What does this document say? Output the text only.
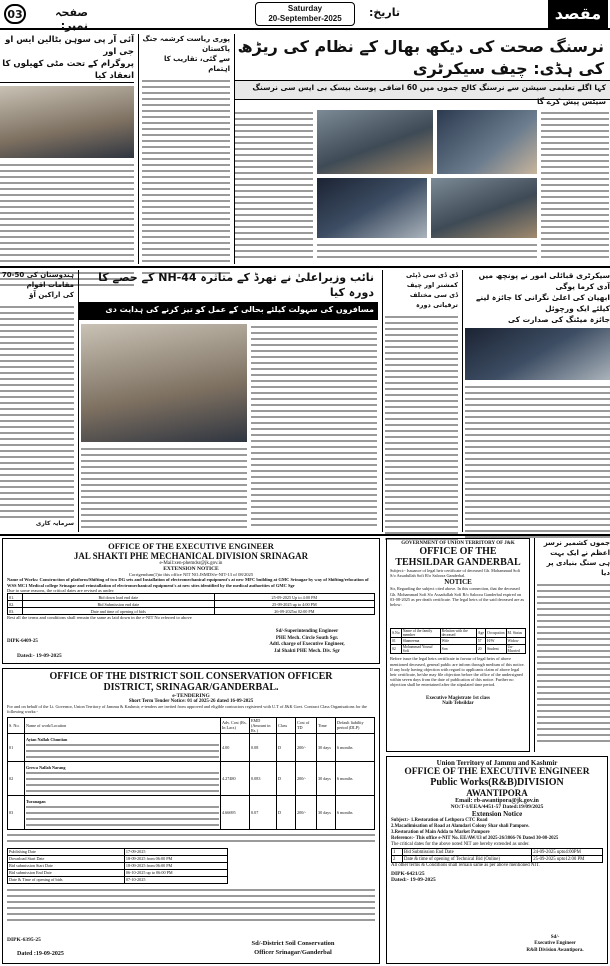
03	صفحہ نمبر:
Saturday
20-September-2025	تاریخ:	مقصد
آئی آر پی سوہن بٹالین ایس او جی اور
پروگرام کے تحت مٹی کھیلوں کا انعقاد کیا
پوری ریاست کرشمہ جنگ پاکستان
سے گئی، تقاریب کا اہتمام
نرسنگ صحت کی دیکھ بھال کے نظام کی ریڑھ کی ہڈی: چیف سیکرٹری
کہا اگلے تعلیمی سیشن سے نرسنگ کالج جموں میں 60 اضافی پوسٹ بیسک بی ایس سی نرسنگ سیٹس پیش کرے گا
ہندوستان کی 50-70 مقامات اقوام
کی اراکین آؤ
سرمایہ کاری
نائب وزیراعلیٰ نے تھرڈ کے متاثرہ NH-44 کے حصے کا دورہ کیا
مسافروں کی سہولت کیلئے بحالی کے عمل کو تیز کرنے کی ہدایت دی
ڈی ڈی سی ڈپٹی کمشنر اور چیف
ڈی سی مختلف ترقیاتی دورہ
سیکرٹری قبائلی امور نے پونچھ میں آدی کرما یوگی
ابھیان کی اعلیٰ نگرانی کا جائزہ لینے کیلئے ایک ورچوئل
جائزہ میٹنگ کی صدارت کی
OFFICE OF THE EXECUTIVE ENGINEER
JAL SHAKTI PHE MECHANICAL DIVISION SRINAGAR
e-Mail:xen-phemdsr@jk.gov.in
EXTENSION NOTICE
Corrigendum(1)to this office NIT NO.JSMDS/e-NIT-13 of 08/2025
Name of Works: Construction of platform/Shifting of two DG sets and Installation of electromechanical equipment's at new MFC building at GMC Srinagar by way of Shifting/relocation of WSS MC1 Medical college Srinagar and reinstallation of electromechanical equipment's at new sites identified by the medical authorities of GMC Sgr
Due to some reasons, the critical dates are revised as under:
01.	Bid down load end date	25-09-2025 Up to 4:00 PM
02.	Bid Submission end date	25-09-2025 up to 4:00 PM
03.	Date and time of opening of bids	26-09-2025at 02:00 PM
Rest all the terms and conditions shall remain the same as laid down in the e-NIT No referred to above
DIPK-6409-25
Dated:- 19-09-2025
Sd/-Superintending Engineer
PHE Mech. Circle South Sgr.
Adtl. charge of Executive Engineer,
Jal Shakti PHE Mech. Div. Sgr
OFFICE OF THE DISTRICT SOIL CONSERVATION OFFICER
DISTRICT, SRINAGAR/GANDERBAL.
e-TENDERING
Short Term Tender Notice: 01 of 2025-26 dated 16-09-2025
For and on behalf of the Lt. Governor, Union Territory of Jammu & Kashmir, e-tenders are invited from approved and eligible contractors registered with U.T of J&K Govt. Contract Class Organisations for the following works:-
S. No.	Name of work/Location	Adv. Cost (Rs. In Lacs)	EMD (Amount in Rs.)	Class	Cost of TD	Time	Default liability period (DLP)
01	Ayian Nallah Chuntian	4.00	0.08	D	200/-	30 days	6 months
02	Grewa Nallah Narang	4.27480	0.083	D	200/-	30 days	6 months
03	Turanagan	4.66695	0.07	D	200/-	30 days	6 months
Publishing Date	17-09-2025
Download Start Date	18-09-2025 from 06:00 PM
Bid submission Start Date	18-09-2025 from 06:00 PM
Bid submission End Date	06-10-2025 up to 06:00 PM
Date & Time of opening of bids	07-10-2025
DIPK-6395-25
Dated :19-09-2025
Sd/-District Soil Conservation
Officer Srinagar/Ganderbal
GOVERNMENT OF UNION TERRITORY OF J&K
OFFICE OF THE
TEHSILDAR GANDERBAL
Subject:- Issuance of legal heir certificate of deceased Gh. Mohammad Sofi S/o Assadullah Sofi R/o Saloora Ganderbal.
NOTICE
Sir, Regarding the subject cited above. In this connection, that the deceased Gh. Mohammad Sofi S/o Assadullah Sofi R/o Saloora Ganderbal expired on 03-08-2025 as per death certificate. The legal heirs of the said deceased are as below:
S.No	Name of the family member	Relation with the deceased	Age	Occupation	M. Status
01	Shameema	Wife	57	H/W	Widow
02	Mohammad Yousuf Sofi	Son	20	Student	Un-Married
Before issue the legal heirs certificate in favour of legal heirs of above mentioned deceased, general public are inform through medium of this notice. If any body having objection with regard to applicants claim of above legal heir certificate, he/she may file objection before the office of the undersigned within seven days from the date of publication of this notice. Further no objection shall be entertained after the stipulated time period.
Executive Magistrate 1st class
Naib Tehsildar
جموں کشمیر نرسز اعظم نے ایک بہت ہی سنگ بنیادی پر دیا
Union Territory of Jammu and Kashmir
OFFICE OF THE EXECUTIVE ENGINEER
Public Works(R&B)DIVISION
AWANTIPORA
Email: rb-awantipora@jk.gov.in
NO:T-1/EEA/4451-57 Dated:19/09/2025
Extension Notice
Subject:- 1.Restoration of Lethpora CTC Road
2.Macadimisation of Road at Alamdari Colony Shar shali Pampore.
3.Restoration of Main Adda to Market Pampore
Reference:- This office e-NIT No. EE/AW/13 of 2025-26/3866-76 Dated 30-08-2025
The critical dates for the above noted NIT are hereby extended as under.
1	Bid Submission End Date	24-09-2025 upto4:00PM
2	Date & time of opening of Technical Bid (Online)	25-09-2025 upto12:00 PM
All other terms & Conditions shall remain same as per above mentioned NIT.
DIPK-6421/25
Dated:- 19-09-2025
Sd/-
Executive Engineer
R&B Division Awantipora.
